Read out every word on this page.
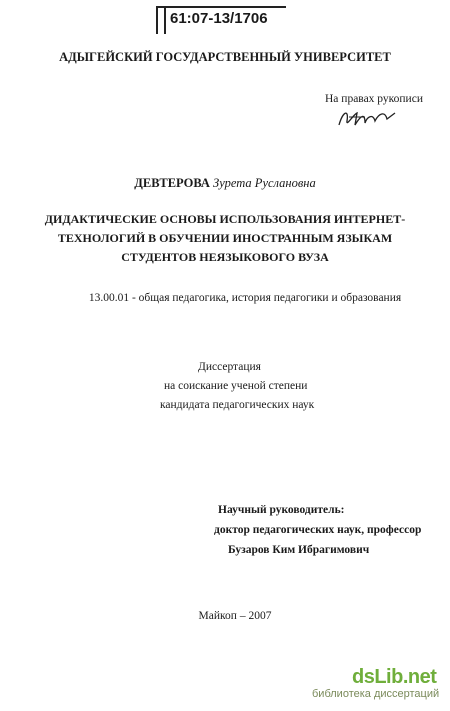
61:07-13/1706
АДЫГЕЙСКИЙ ГОСУДАРСТВЕННЫЙ УНИВЕРСИТЕТ
На правах рукописи
ДЕВТЕРОВА Зурета Руслановна
ДИДАКТИЧЕСКИЕ ОСНОВЫ ИСПОЛЬЗОВАНИЯ ИНТЕРНЕТ-
ТЕХНОЛОГИЙ В ОБУЧЕНИИ ИНОСТРАННЫМ ЯЗЫКАМ
СТУДЕНТОВ НЕЯЗЫКОВОГО ВУЗА
13.00.01 - общая педагогика, история педагогики и образования
Диссертация
на соискание ученой степени
кандидата педагогических наук
Научный руководитель:
доктор педагогических наук, профессор
Бузаров Ким Ибрагимович
Майкоп – 2007
dsLib.net
библиотека диссертаций
